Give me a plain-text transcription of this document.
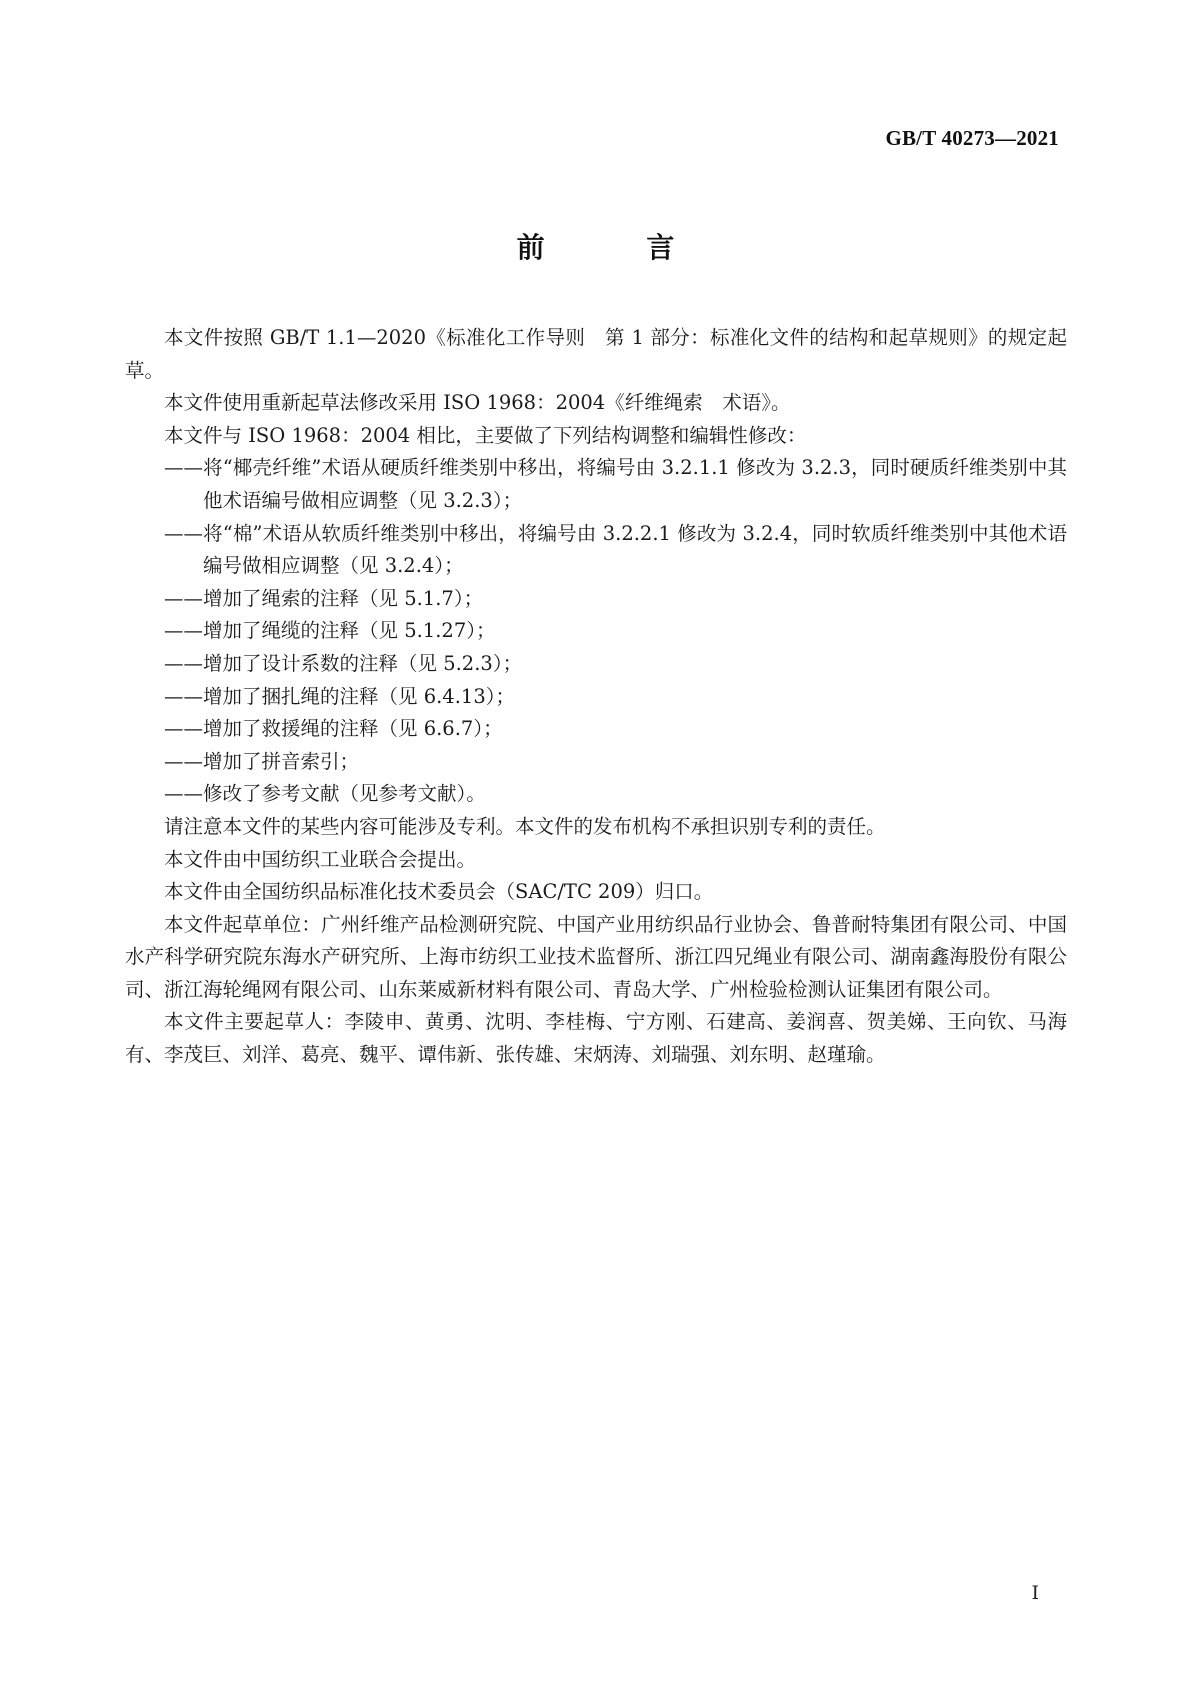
GB/T 40273—2021
前 言

本文件按照 GB/T 1.1—2020《标准化工作导则　第 1 部分：标准化文件的结构和起草规则》的规定起草。

本文件使用重新起草法修改采用 ISO 1968：2004《纤维绳索　术语》。

本文件与 ISO 1968：2004 相比，主要做了下列结构调整和编辑性修改：

——将“椰壳纤维”术语从硬质纤维类别中移出，将编号由 3.2.1.1 修改为 3.2.3，同时硬质纤维类别中其他术语编号做相应调整（见 3.2.3）；

——将“棉”术语从软质纤维类别中移出，将编号由 3.2.2.1 修改为 3.2.4，同时软质纤维类别中其他术语编号做相应调整（见 3.2.4）；

——增加了绳索的注释（见 5.1.7）；

——增加了绳缆的注释（见 5.1.27）；

——增加了设计系数的注释（见 5.2.3）；

——增加了捆扎绳的注释（见 6.4.13）；

——增加了救援绳的注释（见 6.6.7）；

——增加了拼音索引；

——修改了参考文献（见参考文献）。

请注意本文件的某些内容可能涉及专利。本文件的发布机构不承担识别专利的责任。

本文件由中国纺织工业联合会提出。

本文件由全国纺织品标准化技术委员会（SAC/TC 209）归口。

本文件起草单位：广州纤维产品检测研究院、中国产业用纺织品行业协会、鲁普耐特集团有限公司、中国水产科学研究院东海水产研究所、上海市纺织工业技术监督所、浙江四兄绳业有限公司、湖南鑫海股份有限公司、浙江海轮绳网有限公司、山东莱威新材料有限公司、青岛大学、广州检验检测认证集团有限公司。

本文件主要起草人：李陵申、黄勇、沈明、李桂梅、宁方刚、石建高、姜润喜、贺美娣、王向钦、马海有、李茂巨、刘洋、葛亮、魏平、谭伟新、张传雄、宋炳涛、刘瑞强、刘东明、赵瑾瑜。

I
